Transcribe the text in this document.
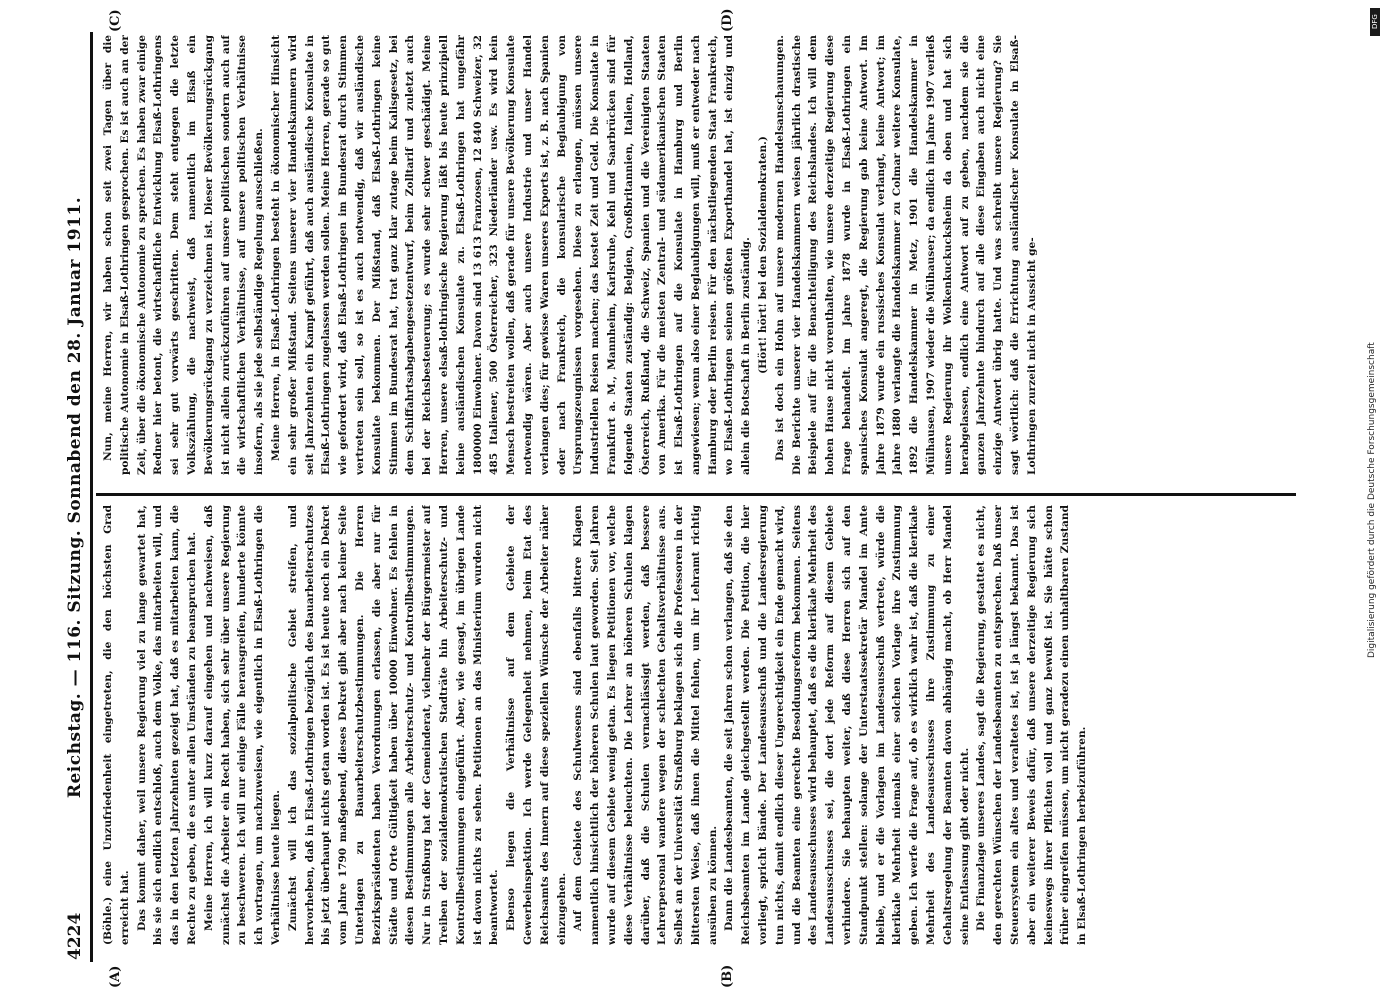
4224
Reichstag. — 116. Sitzung. Sonnabend den 28. Januar 1911.
(A)	(B)
(C)	(D)

(Böhle.) eine Unzufriedenheit eingetreten, die den höchsten Grad erreicht hat. Das kommt daher, weil unsere Regierung viel zu lange gewartet hat, bis sie sich endlich entschloß, auch dem Volke, das mitarbeiten will, und das in den letzten Jahrzehnten gezeigt hat, daß es mitarbeiten kann, die Rechte zu geben, die es unter allen Umständen zu beanspruchen hat. Meine Herren, ich will kurz darauf eingehen und nachweisen, daß zunächst die Arbeiter ein Recht haben, sich sehr über unsere Regierung zu beschweren. Ich will nur einige Fälle herausgreifen, hunderte könnte ich vortragen, um nachzuweisen, wie eigentlich in Elsaß-Lothringen die Verhältnisse heute liegen. Zunächst will ich das sozialpolitische Gebiet streifen, und hervorheben, daß in Elsaß-Lothringen bezüglich des Bauarbeiterschutzes bis jetzt überhaupt nichts getan worden ist. Es ist heute noch ein Dekret vom Jahre 1790 maßgebend, dieses Dekret gibt aber nach keiner Seite Unterlagen zu Bauarbeiterschutzbestimmungen. Die Herren Bezirkspräsidenten haben Verordnungen erlassen, die aber nur für Städte und Orte Gültigkeit haben über 10000 Einwohner. Es fehlen in diesen Bestimmungen alle Arbeiterschutz- und Kontrollbestimmungen. Nur in Straßburg hat der Gemeinderat, vielmehr der Bürgermeister auf Treiben der sozialdemokratischen Stadträte hin Arbeiterschutz- und Kontrollbestimmungen eingeführt. Aber, wie gesagt, im übrigen Lande ist davon nichts zu sehen. Petitionen an das Ministerium wurden nicht beantwortet. Ebenso liegen die Verhältnisse auf dem Gebiete der Gewerbeinspektion. Ich werde Gelegenheit nehmen, beim Etat des Reichsamts des Innern auf diese speziellen Wünsche der Arbeiter näher einzugehen. Auf dem Gebiete des Schulwesens sind ebenfalls bittere Klagen namentlich hinsichtlich der höheren Schulen laut geworden. Seit Jahren wurde auf diesem Gebiete wenig getan. Es liegen Petitionen vor, welche diese Verhältnisse beleuchten. Die Lehrer an höheren Schulen klagen darüber, daß die Schulen vernachlässigt werden, daß bessere Lehrerpersonal wandere wegen der schlechten Gehaltsverhältnisse aus. Selbst an der Universität Straßburg beklagen sich die Professoren in der bittersten Weise, daß ihnen die Mittel fehlen, um ihr Lehramt richtig ausüben zu können. Dann die Landesbeamten, die seit Jahren schon verlangen, daß sie den Reichsbeamten im Lande gleichgestellt werden. Die Petition, die hier vorliegt, spricht Bände. Der Landesausschuß und die Landesregierung tun nichts, damit endlich dieser Ungerechtigkeit ein Ende gemacht wird, und die Beamten eine gerechte Besoldungsreform bekommen. Seitens des Landesausschusses wird behauptet, daß es die klerikale Mehrheit des Landesausschusses sei, die dort jede Reform auf diesem Gebiete verhindere. Sie behaupten weiter, daß diese Herren sich auf den Standpunkt stellen: solange der Unterstaatssekretär Mandel im Amte bleibe, und er die Vorlagen im Landesausschuß vertrete, würde die klerikale Mehrheit niemals einer solchen Vorlage ihre Zustimmung geben. Ich werfe die Frage auf, ob es wirklich wahr ist, daß die klerikale Mehrheit des Landesausschusses ihre Zustimmung zu einer Gehaltsregelung der Beamten davon abhängig macht, ob Herr Mandel seine Entlassung gibt oder nicht. Die Finanzlage unseres Landes, sagt die Regierung, gestattet es nicht, den gerechten Wünschen der Landesbeamten zu entsprechen. Daß unser Steuersystem ein altes und veraltetes ist, ist ja längst bekannt. Das ist aber ein weiterer Beweis dafür, daß unsere derzeitige Regierung sich keineswegs ihrer Pflichten voll und ganz bewußt ist. Sie hätte schon früher eingreifen müssen, um nicht geradezu einen unhaltbaren Zustand in Elsaß-Lothringen herbeizuführen.

Nun, meine Herren, wir haben schon seit zwei Tagen über die politische Autonomie in Elsaß-Lothringen gesprochen. Es ist auch an der Zeit, über die ökonomische Autonomie zu sprechen. Es haben zwar einige Redner hier betont, die wirtschaftliche Entwicklung Elsaß-Lothringens sei sehr gut vorwärts geschritten. Dem steht entgegen die letzte Volkszählung, die nachweist, daß namentlich im Elsaß ein Bevölkerungsrückgang zu verzeichnen ist. Dieser Bevölkerungsrückgang ist nicht allein zurückzuführen auf unsere politischen sondern auch auf die wirtschaftlichen Verhältnisse, auf unsere politischen Verhältnisse insofern, als sie jede selbständige Regelung ausschließen. Meine Herren, in Elsaß-Lothringen besteht in ökonomischer Hinsicht ein sehr großer Mißstand. Seitens unserer vier Handelskammern wird seit Jahrzehnten ein Kampf geführt, daß auch ausländische Konsulate in Elsaß-Lothringen zugelassen werden sollen. Meine Herren, gerade so gut wie gefordert wird, daß Elsaß-Lothringen im Bundesrat durch Stimmen vertreten sein soll, so ist es auch notwendig, daß wir ausländische Konsulate bekommen. Der Mißstand, daß Elsaß-Lothringen keine Stimmen im Bundesrat hat, trat ganz klar zutage beim Kalisgesetz, bei dem Schiffahrtsabgabengesetzentwurf, beim Zolltarif und zuletzt auch bei der Reichsbesteuerung; es wurde sehr schwer geschädigt. Meine Herren, unsere elsaß-lothringische Regierung läßt bis heute prinzipiell keine ausländischen Konsulate zu. Elsaß-Lothringen hat ungefähr 1800000 Einwohner. Davon sind 13 613 Franzosen, 12 840 Schweizer, 32 485 Italiener, 500 Österreicher, 323 Niederländer usw. Es wird kein Mensch bestreiten wollen, daß gerade für unsere Bevölkerung Konsulate notwendig wären. Aber auch unsere Industrie und unser Handel verlangen dies; für gewisse Waren unseres Exports ist, z. B. nach Spanien oder nach Frankreich, die konsularische Beglaubigung von Ursprungszeugnissen vorgesehen. Diese zu erlangen, müssen unsere Industriellen Reisen machen; das kostet Zeit und Geld. Die Konsulate in Frankfurt a. M., Mannheim, Karlsruhe, Kehl und Saarbrücken sind für folgende Staaten zuständig: Belgien, Großbritannien, Italien, Holland, Österreich, Rußland, die Schweiz, Spanien und die Vereinigten Staaten von Amerika. Für die meisten Zentral- und südamerikanischen Staaten ist Elsaß-Lothringen auf die Konsulate in Hamburg und Berlin angewiesen; wenn also einer Beglaubigungen will, muß er entweder nach Hamburg oder Berlin reisen. Für den nächstliegenden Staat Frankreich, wo Elsaß-Lothringen seinen größten Exporthandel hat, ist einzig und allein die Botschaft in Berlin zuständig. (Hört! hört! bei den Sozialdemokraten.) Das ist doch ein Hohn auf unsere modernen Handelsanschauungen. Die Berichte unserer vier Handelskammern weisen jährlich drastische Beispiele auf für die Benachteiligung des Reichslandes. Ich will dem hohen Hause nicht vorenthalten, wie unsere derzeitige Regierung diese Frage behandelt. Im Jahre 1878 wurde in Elsaß-Lothringen ein spanisches Konsulat angeregt, die Regierung gab keine Antwort. Im Jahre 1879 wurde ein russisches Konsulat verlangt, keine Antwort; im Jahre 1880 verlangte die Handelskammer zu Colmar weitere Konsulate, 1892 die Handelskammer in Metz, 1901 die Handelskammer in Mülhausen, 1907 wieder die Mülhauser; da endlich im Jahre 1907 verließ unsere Regierung ihr Wolkenkuckucksheim da oben und hat sich herabgelassen, endlich eine Antwort auf zu geben, nachdem sie die ganzen Jahrzehnte hindurch auf alle diese Eingaben auch nicht eine einzige Antwort übrig hatte. Und was schreibt unsere Regierung? Sie sagt wörtlich: daß die Errichtung ausländischer Konsulate in Elsaß-Lothringen zurzeit nicht in Aussicht ge-

DFG
Digitalisierung gefördert durch die Deutsche Forschungsgemeinschaft
